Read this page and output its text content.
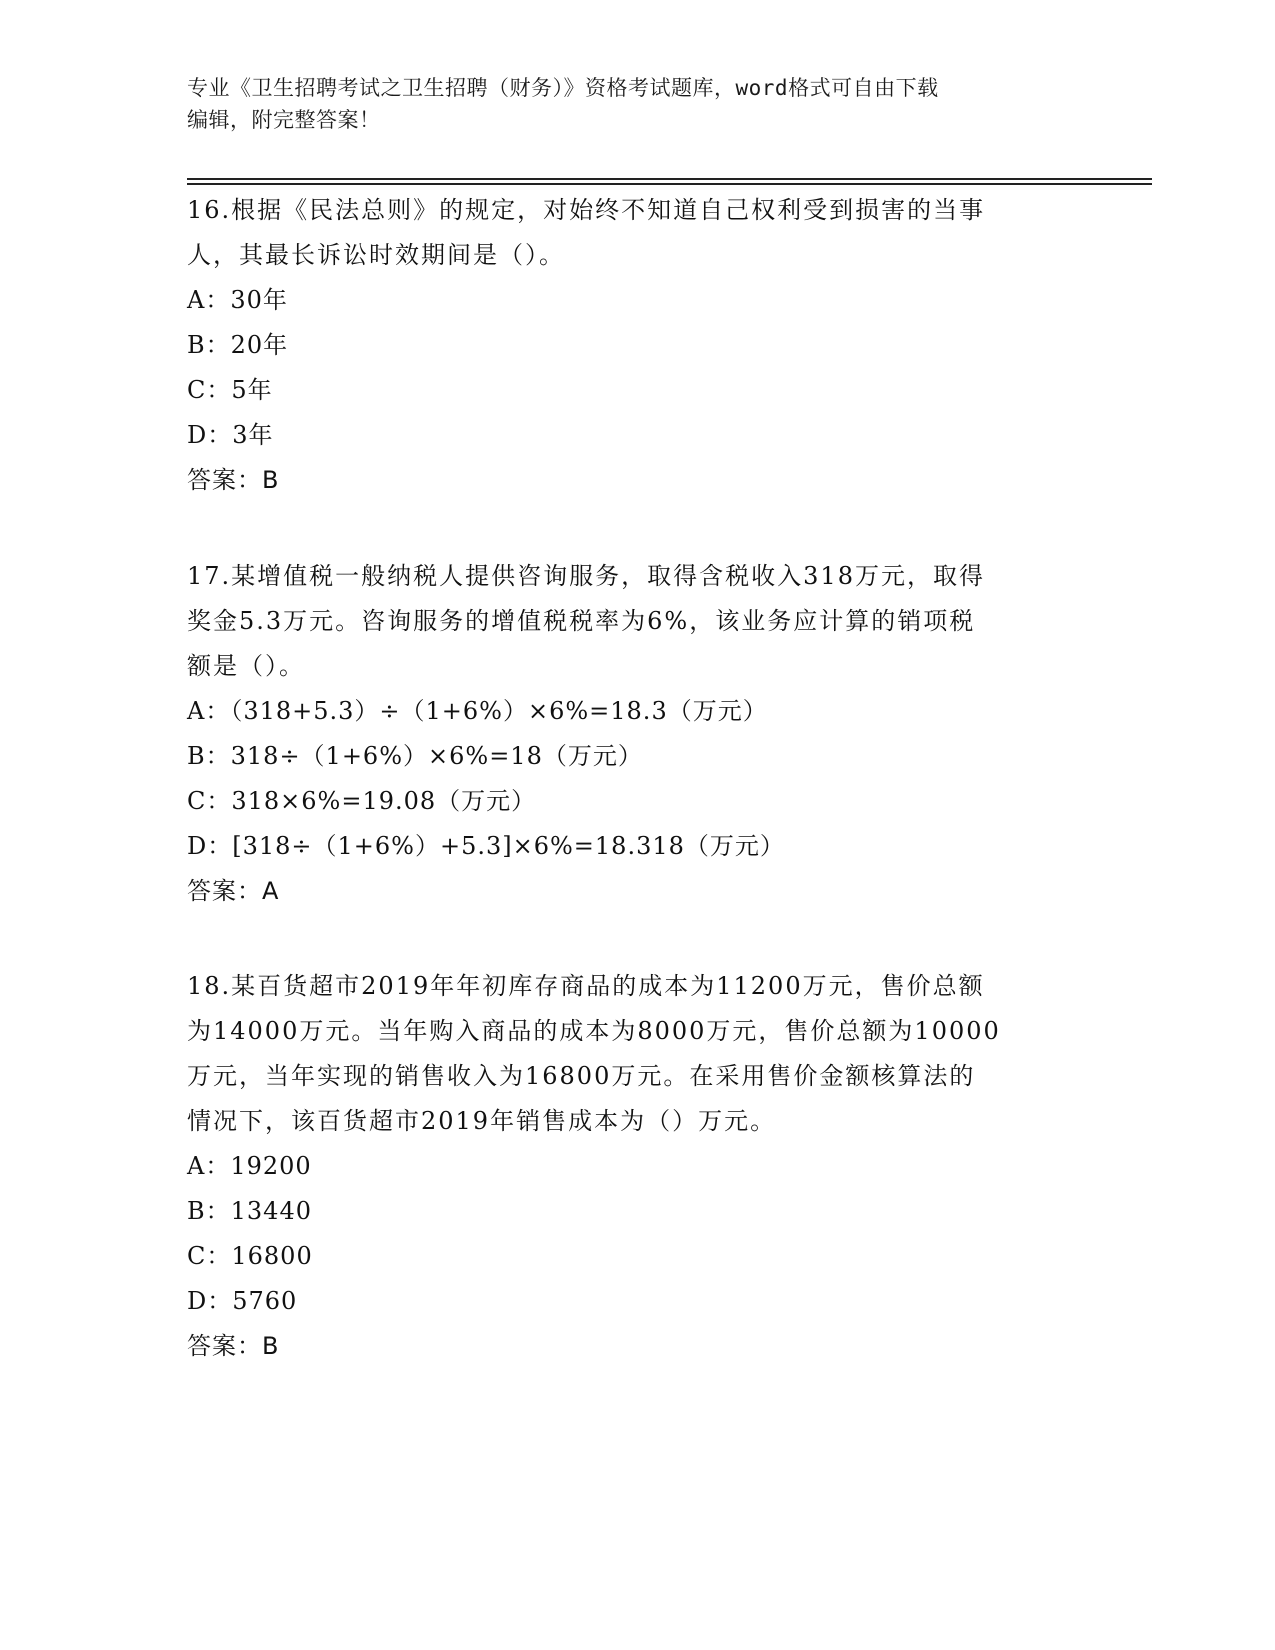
专业《卫生招聘考试之卫生招聘（财务）》资格考试题库，word格式可自由下载
编辑，附完整答案！
16.根据《民法总则》的规定，对始终不知道自己权利受到损害的当事
人，其最长诉讼时效期间是（）。
A：30年
B：20年
C：5年
D：3年
答案：B
17.某增值税一般纳税人提供咨询服务，取得含税收入318万元，取得
奖金5.3万元。咨询服务的增值税税率为6%，该业务应计算的销项税
额是（）。
A：（318+5.3）÷（1+6%）×6%=18.3（万元）
B：318÷（1+6%）×6%=18（万元）
C：318×6%=19.08（万元）
D：[318÷（1+6%）+5.3]×6%=18.318（万元）
答案：A
18.某百货超市2019年年初库存商品的成本为11200万元，售价总额
为14000万元。当年购入商品的成本为8000万元，售价总额为10000
万元，当年实现的销售收入为16800万元。在采用售价金额核算法的
情况下，该百货超市2019年销售成本为（）万元。
A：19200
B：13440
C：16800
D：5760
答案：B
